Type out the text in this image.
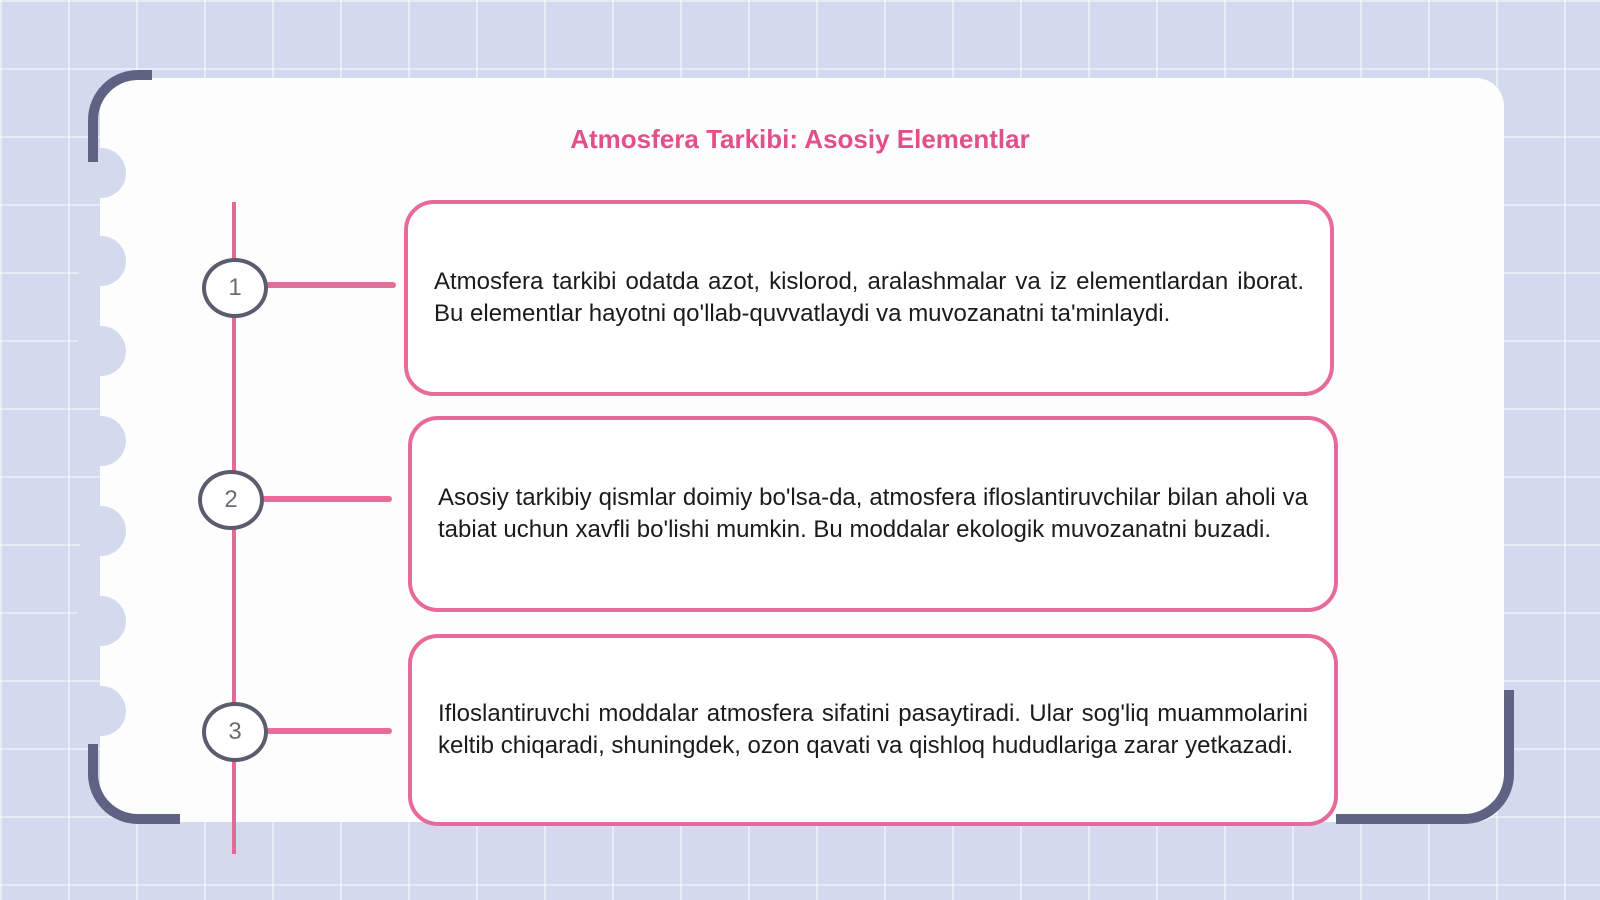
Atmosfera Tarkibi: Asosiy Elementlar
1	Atmosfera tarkibi odatda azot, kislorod, aralashmalar va iz elementlardan iborat. Bu elementlar hayotni qo'llab-quvvatlaydi va muvozanatni ta'minlaydi.

2	Asosiy tarkibiy qismlar doimiy bo'lsa-da, atmosfera ifloslantiruvchilar bilan aholi va tabiat uchun xavfli bo'lishi mumkin. Bu moddalar ekologik muvozanatni buzadi.

3

Ifloslantiruvchi moddalar atmosfera sifatini pasaytiradi. Ular sog'liq muammolarini keltib chiqaradi, shuningdek, ozon qavati va qishloq hududlariga zarar yetkazadi.
